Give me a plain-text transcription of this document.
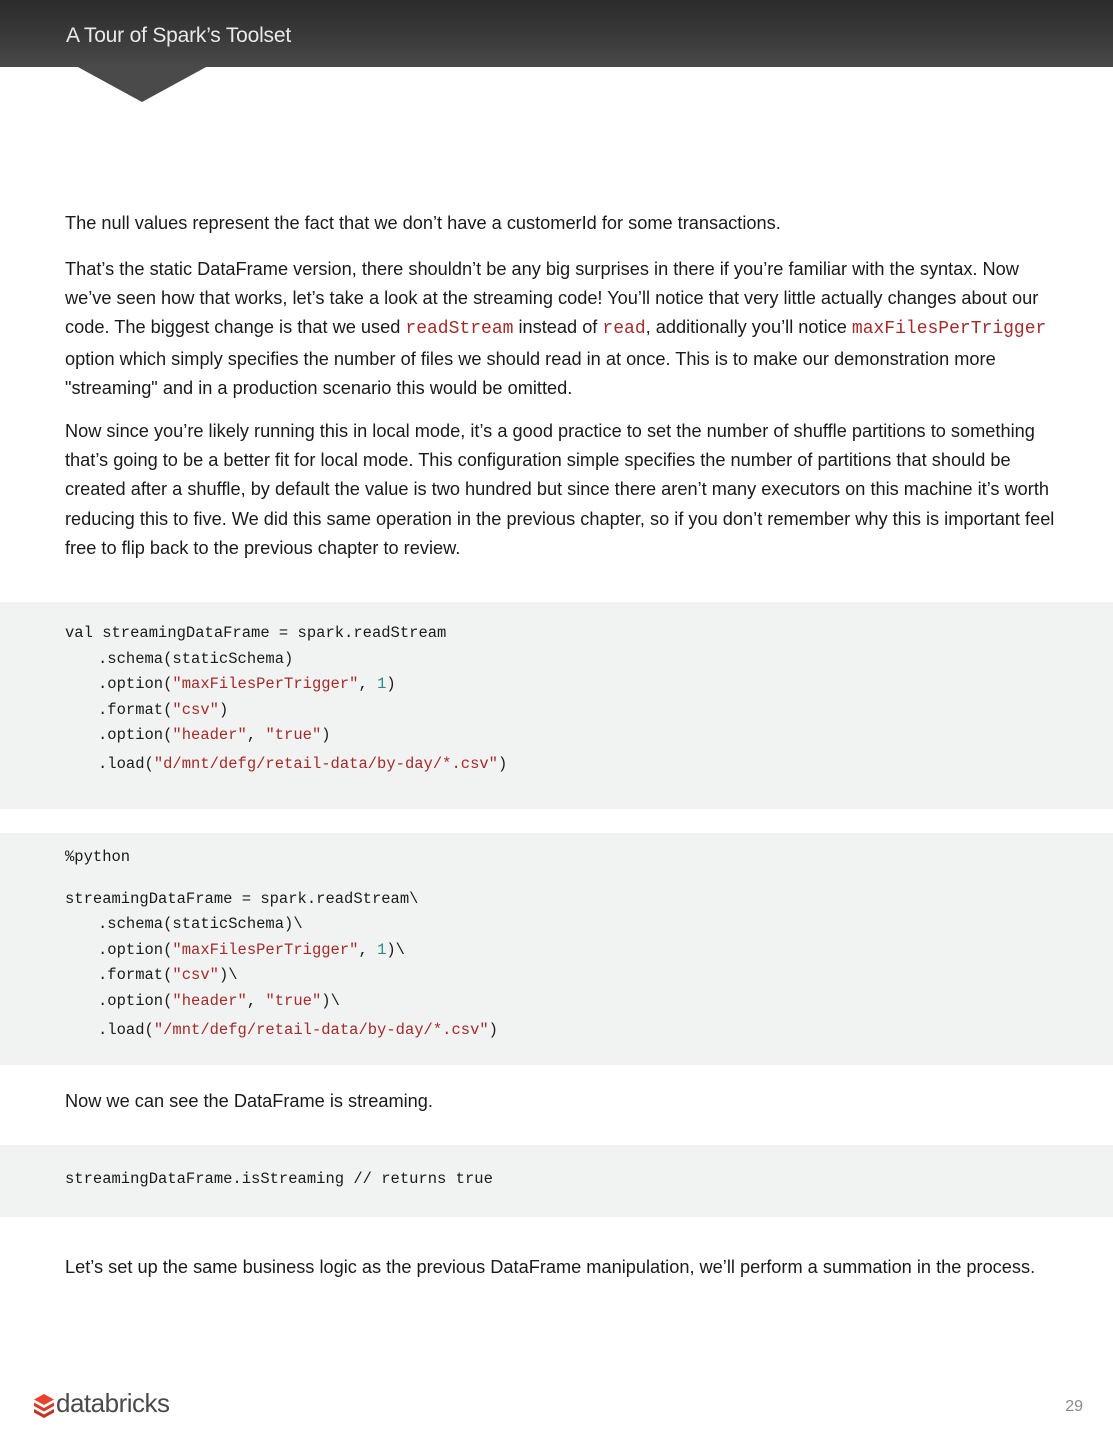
A Tour of Spark’s Toolset

The null values represent the fact that we don’t have a customerId for some transactions.

That’s the static DataFrame version, there shouldn’t be any big surprises in there if you’re familiar with the syntax. Now we’ve seen how that works, let’s take a look at the streaming code! You’ll notice that very little actually changes about our code. The biggest change is that we used readStream instead of read, additionally you’ll notice maxFilesPerTrigger option which simply specifies the number of files we should read in at once. This is to make our demonstration more "streaming" and in a production scenario this would be omitted.

Now since you’re likely running this in local mode, it’s a good practice to set the number of shuffle partitions to something that’s going to be a better fit for local mode. This configuration simple specifies the number of partitions that should be created after a shuffle, by default the value is two hundred but since there aren’t many executors on this machine it’s worth reducing this to five. We did this same operation in the previous chapter, so if you don’t remember why this is important feel free to flip back to the previous chapter to review.

val streamingDataFrame = spark.readStream
.schema(staticSchema)
.option("maxFilesPerTrigger", 1)
.format("csv")
.option("header", "true")
.load("d/mnt/defg/retail-data/by-day/*.csv")
%python
streamingDataFrame = spark.readStream\
.schema(staticSchema)\
.option("maxFilesPerTrigger", 1)\
.format("csv")\
.option("header", "true")\
.load("/mnt/defg/retail-data/by-day/*.csv")

Now we can see the DataFrame is streaming.

streamingDataFrame.isStreaming // returns true

Let’s set up the same business logic as the previous DataFrame manipulation, we’ll perform a summation in the process.

databricks	29
